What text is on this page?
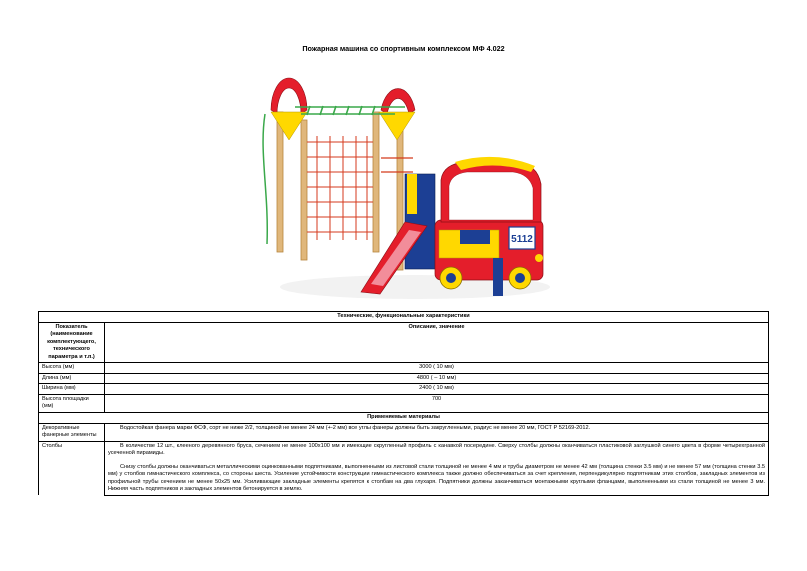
Пожарная машина со спортивным комплексом МФ 4.022
5112
Технические, функциональные характеристики	
Показатель (наименование комплектующего, технического параметра и т.п.)	Описание, значение
Высота (мм)	3000 ( 10 мм)
Длина (мм)	4800 ( – 10 мм)
Ширина (мм)	2400 ( 10 мм)
Высота площадки (мм)	700
Применяемые материалы	
Декоративные фанерные элементы	Водостойкая фанера марки ФСФ, сорт не ниже 2/2, толщиной не менее 24 мм (+-2 мм) все углы фанеры должны быть закругленными, радиус не менее 20 мм, ГОСТ Р 52169-2012.

Столбы	В количестве 12 шт., клееного деревянного бруса, сечением не менее 100х100 мм и имеющие скругленный профиль с канавкой посередине. Сверху столбы должны оканчиваться пластиковой заглушкой синего цвета в форме четырехгранной усеченной пирамиды.

Снизу столбы должны оканчиваться металлическими оцинкованными подпятниками, выполненными из листовой стали толщиной не менее 4 мм и трубы диаметром не менее 42 мм (толщина стенки 3.5 мм) и не менее 57 мм (толщина стенки 3.5 мм) у столбов гимнастического комплекса, со стороны шеста. Усиление устойчивости конструкции гимнастического комплекса также должно обеспечиваться за счет крепления, перпендикулярно подпятникам этих столбов, закладных элементов из профильной трубы сечением не менее 50х25 мм. Усиливающие закладные элементы крепятся к столбам на два глухаря. Подпятники должны заканчиваться монтажными круглыми фланцами, выполненными из стали толщиной не менее 3 мм. Нижняя часть подпятников и закладных элементов бетонируется в землю.
